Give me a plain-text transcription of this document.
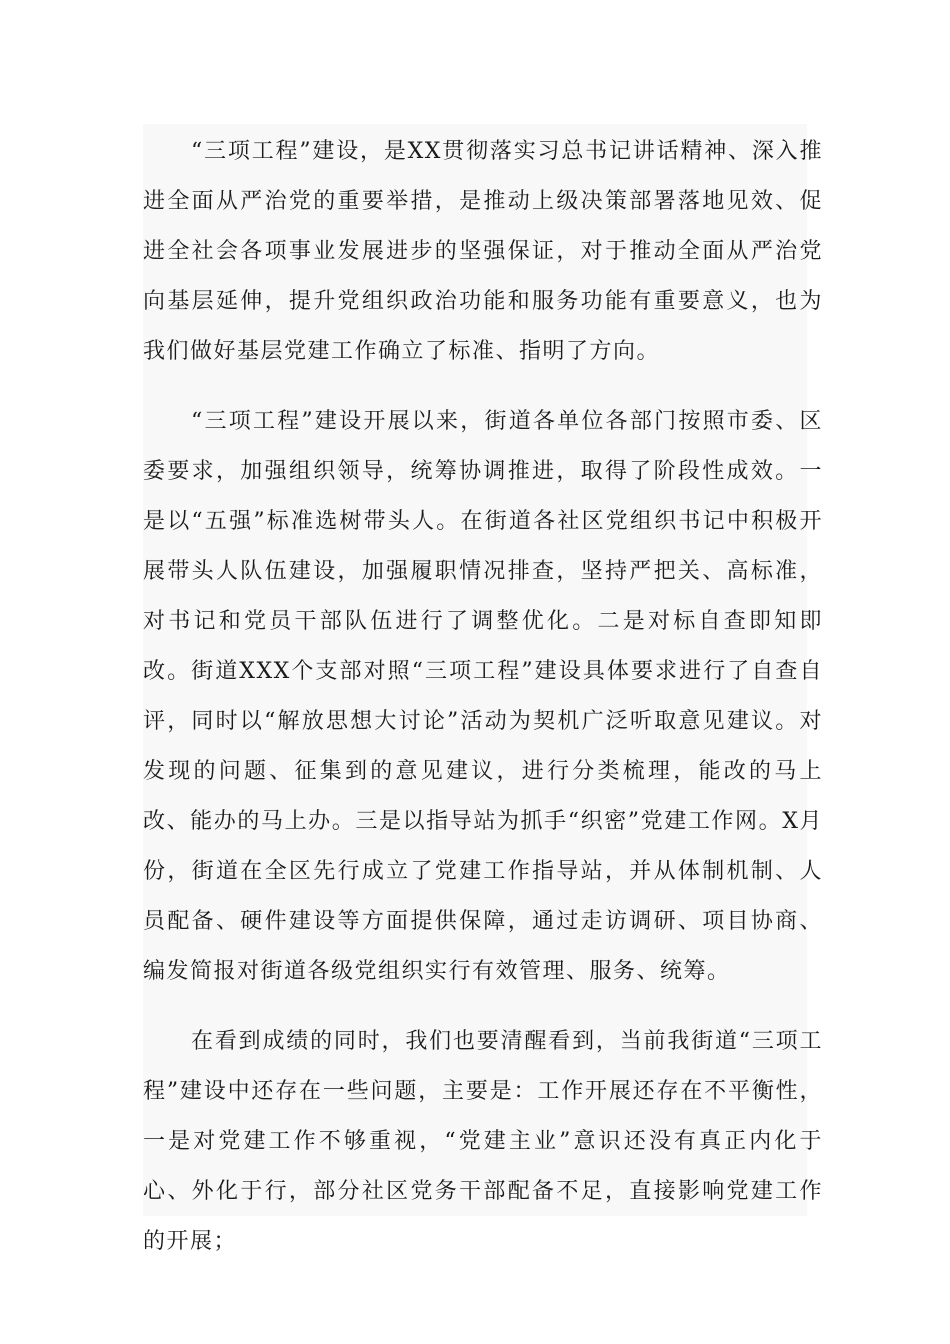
“三项工程”建设，是XX贯彻落实习总书记讲话精神、深入推进全面从严治党的重要举措，是推动上级决策部署落地见效、促进全社会各项事业发展进步的坚强保证，对于推动全面从严治党向基层延伸，提升党组织政治功能和服务功能有重要意义，也为我们做好基层党建工作确立了标准、指明了方向。

“三项工程”建设开展以来，街道各单位各部门按照市委、区委要求，加强组织领导，统筹协调推进，取得了阶段性成效。一是以“五强”标准选树带头人。在街道各社区党组织书记中积极开展带头人队伍建设，加强履职情况排查，坚持严把关、高标准，对书记和党员干部队伍进行了调整优化。二是对标自查即知即改。街道XXX个支部对照“三项工程”建设具体要求进行了自查自评，同时以“解放思想大讨论”活动为契机广泛听取意见建议。对发现的问题、征集到的意见建议，进行分类梳理，能改的马上改、能办的马上办。三是以指导站为抓手“织密”党建工作网。X月份，街道在全区先行成立了党建工作指导站，并从体制机制、人员配备、硬件建设等方面提供保障，通过走访调研、项目协商、编发简报对街道各级党组织实行有效管理、服务、统筹。

在看到成绩的同时，我们也要清醒看到，当前我街道“三项工程”建设中还存在一些问题，主要是：工作开展还存在不平衡性，一是对党建工作不够重视，“党建主业”意识还没有真正内化于心、外化于行，部分社区党务干部配备不足，直接影响党建工作的开展；
